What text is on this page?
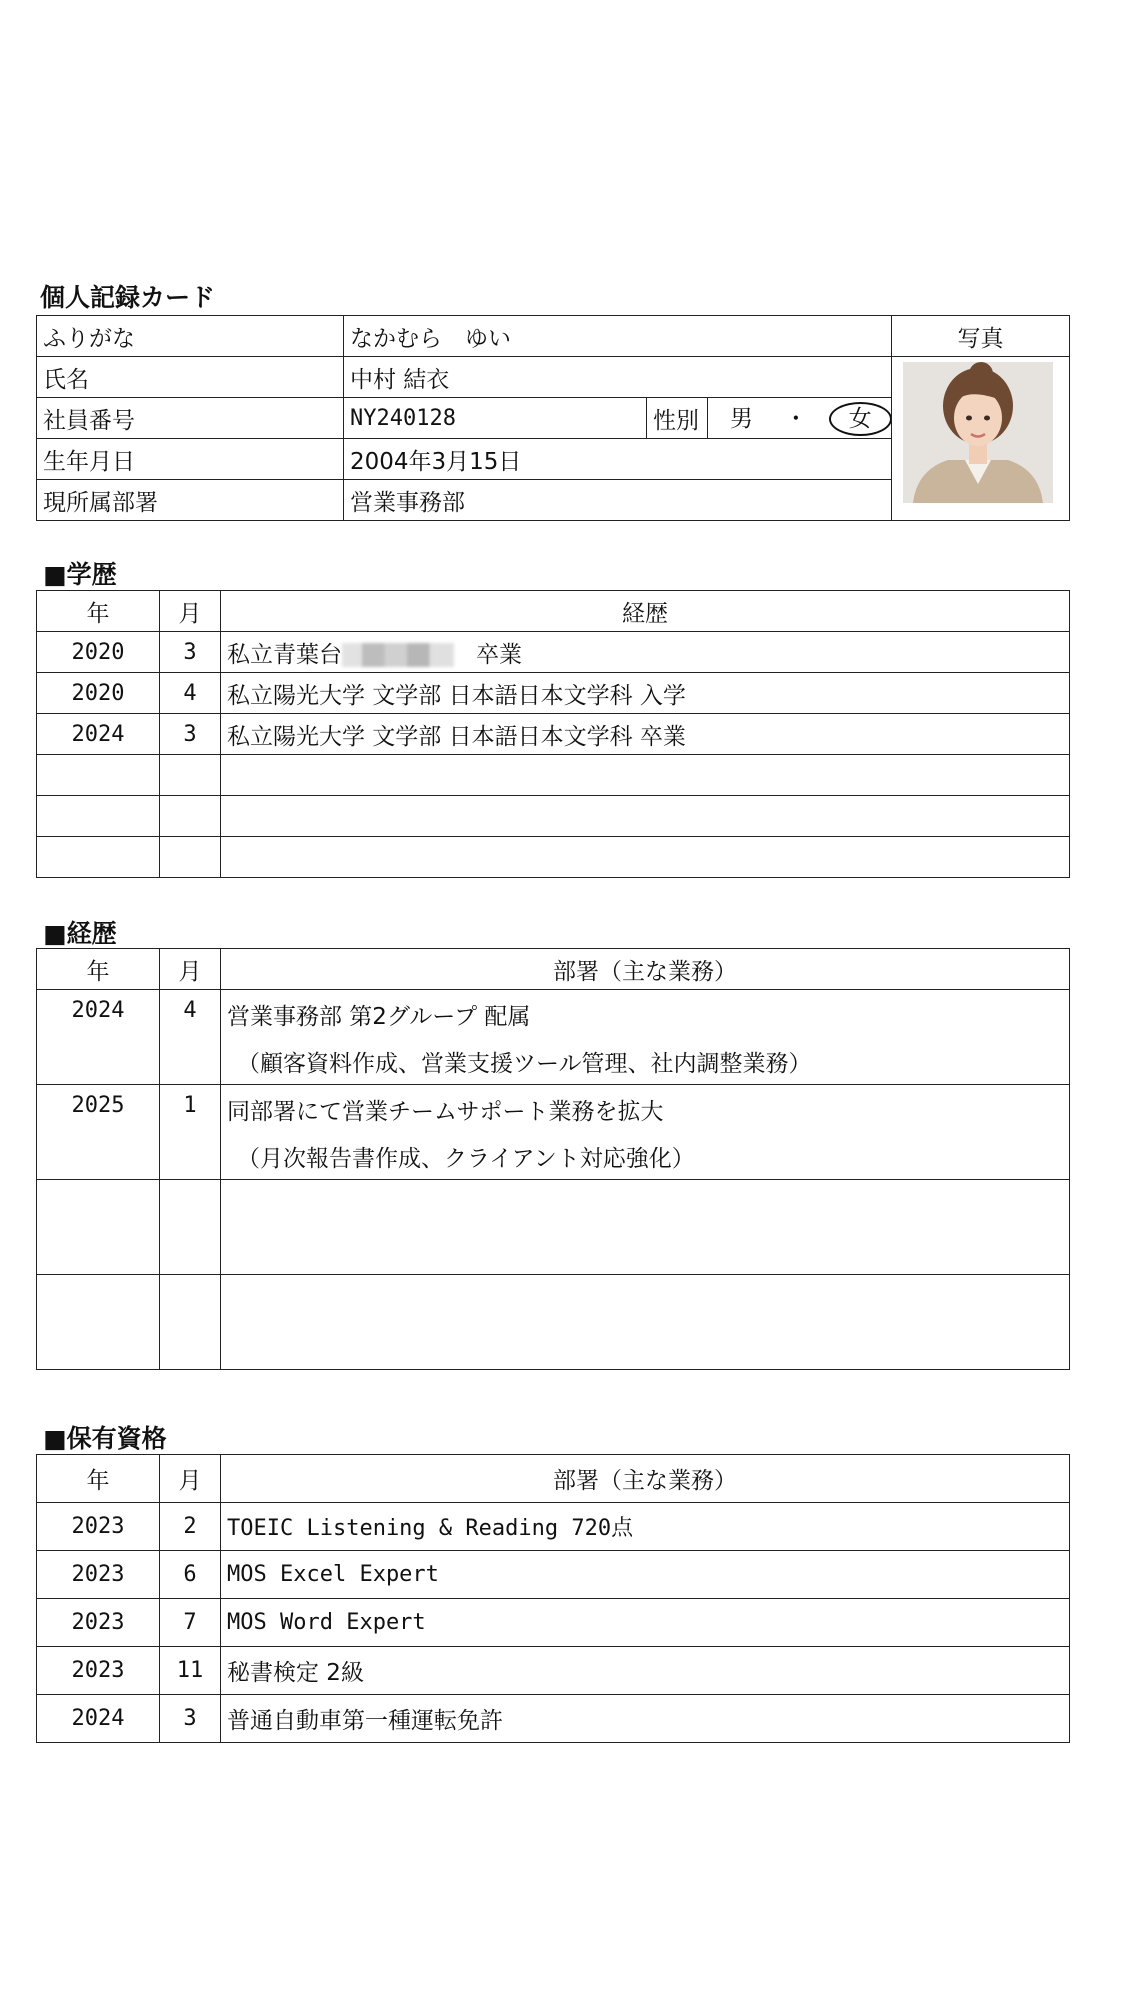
個人記録カード
ふりがな	なかむら　ゆい			写真
氏名	中村 結衣			
社員番号	NY240128	性別	男 ・ 女	
生年月日	2004年3月15日			
現所属部署	営業事務部			
■学歴
年	月	経歴
2020	3	私立青葉台 卒業
2020	4	私立陽光大学 文学部 日本語日本文学科 入学
2024	3	私立陽光大学 文学部 日本語日本文学科 卒業

■経歴
年	月	部署（主な業務）
2024	4	営業事務部 第2グループ 配属
（顧客資料作成、営業支援ツール管理、社内調整業務）

2025	1	同部署にて営業チームサポート業務を拡大
（月次報告書作成、クライアント対応強化）

■保有資格
年	月	部署（主な業務）
2023	2	TOEIC Listening & Reading 720点
2023	6	MOS Excel Expert
2023	7	MOS Word Expert
2023	11	秘書検定 2級
2024	3	普通自動車第一種運転免許
